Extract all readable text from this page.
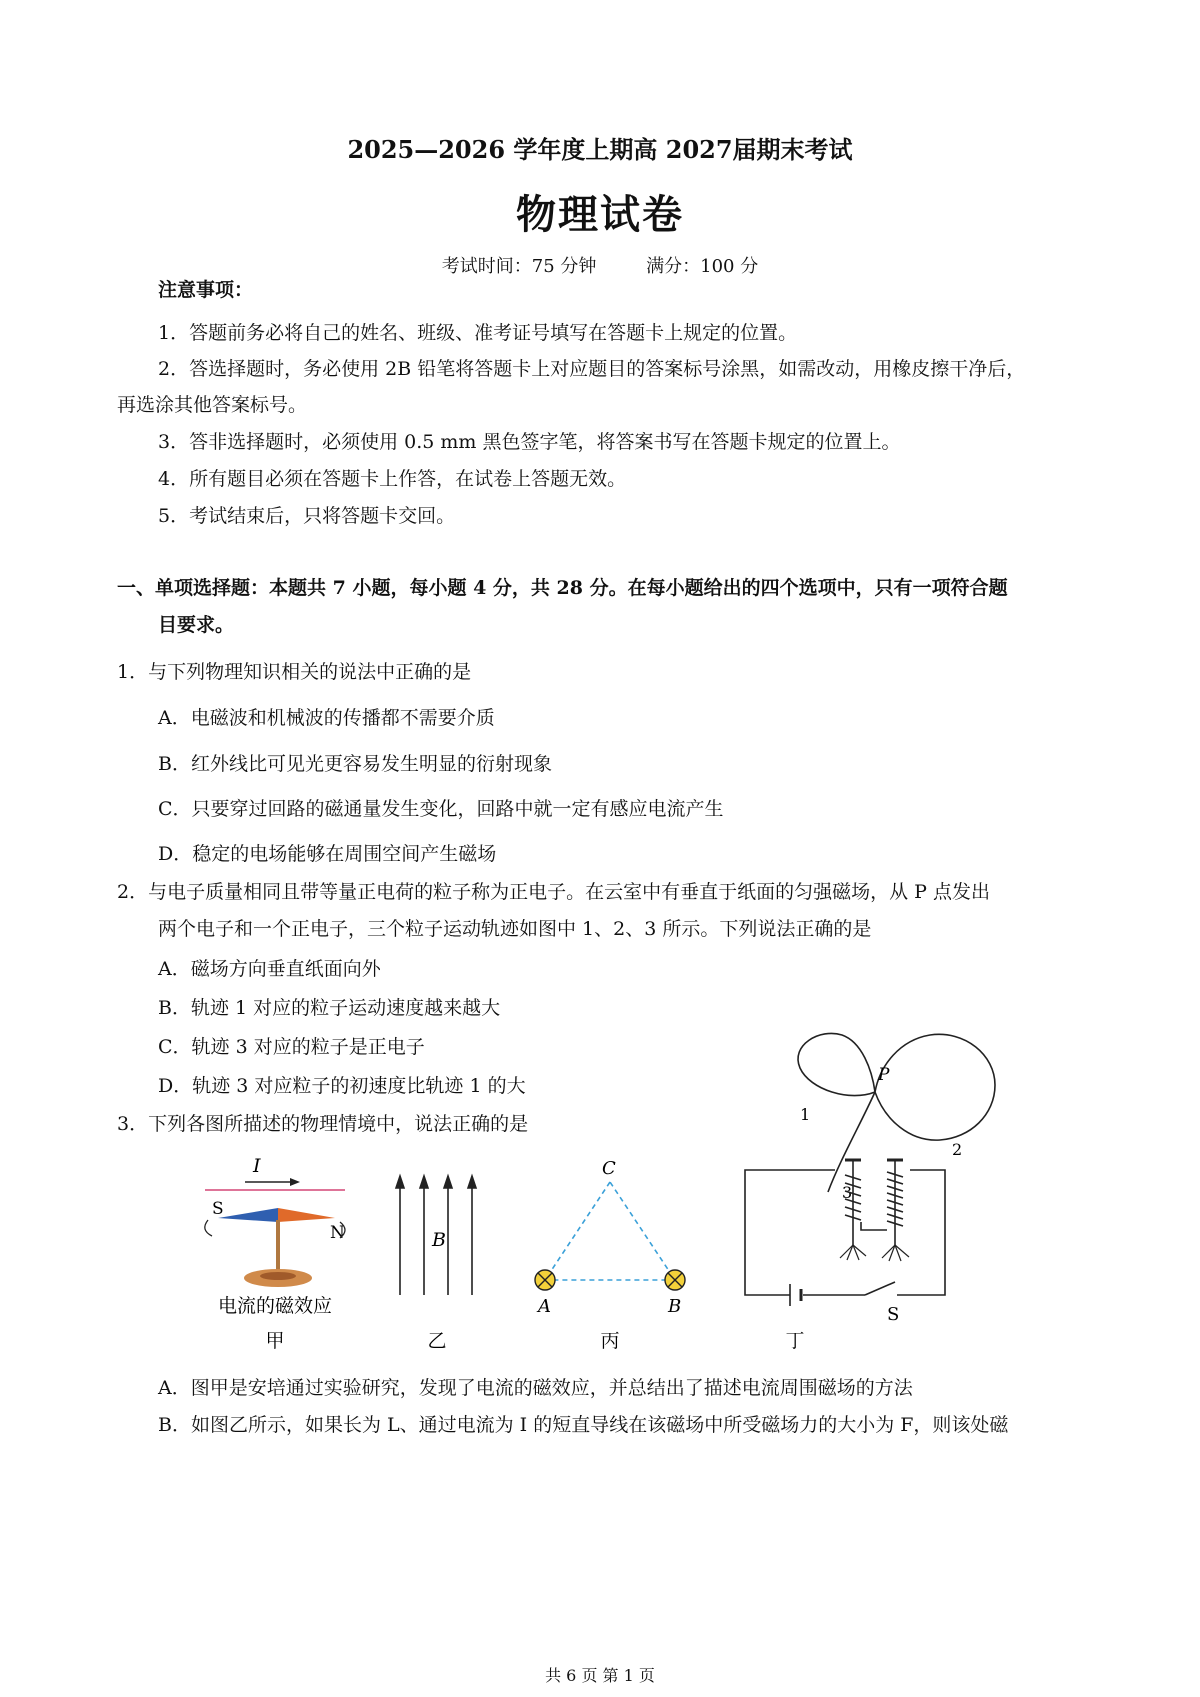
2025—2026 学年度上期高 2027届期末考试
物理试卷
考试时间：75 分钟	满分：100 分
注意事项：
1．答题前务必将自己的姓名、班级、准考证号填写在答题卡上规定的位置。
2．答选择题时，务必使用 2B 铅笔将答题卡上对应题目的答案标号涂黑，如需改动，用橡皮擦干净后，
再选涂其他答案标号。
3．答非选择题时，必须使用 0.5 mm 黑色签字笔，将答案书写在答题卡规定的位置上。
4．所有题目必须在答题卡上作答，在试卷上答题无效。
5．考试结束后，只将答题卡交回。
一、单项选择题：本题共 7 小题，每小题 4 分，共 28 分。在每小题给出的四个选项中，只有一项符合题
目要求。
1．与下列物理知识相关的说法中正确的是
A．电磁波和机械波的传播都不需要介质
B．红外线比可见光更容易发生明显的衍射现象
C．只要穿过回路的磁通量发生变化，回路中就一定有感应电流产生
D．稳定的电场能够在周围空间产生磁场
2．与电子质量相同且带等量正电荷的粒子称为正电子。在云室中有垂直于纸面的匀强磁场，从 P 点发出
两个电子和一个正电子，三个粒子运动轨迹如图中 1、2、3 所示。下列说法正确的是
A．磁场方向垂直纸面向外
B．轨迹 1 对应的粒子运动速度越来越大
C．轨迹 3 对应的粒子是正电子
D．轨迹 3 对应粒子的初速度比轨迹 1 的大	P
1
2
3
3．下列各图所描述的物理情境中，说法正确的是
I
S
N
电流的磁效应
甲
B
乙
C
A	B
丙
S
丁
A．图甲是安培通过实验研究，发现了电流的磁效应，并总结出了描述电流周围磁场的方法
B．如图乙所示，如果长为 L、通过电流为 I 的短直导线在该磁场中所受磁场力的大小为 F，则该处磁
共 6 页 第 1 页
